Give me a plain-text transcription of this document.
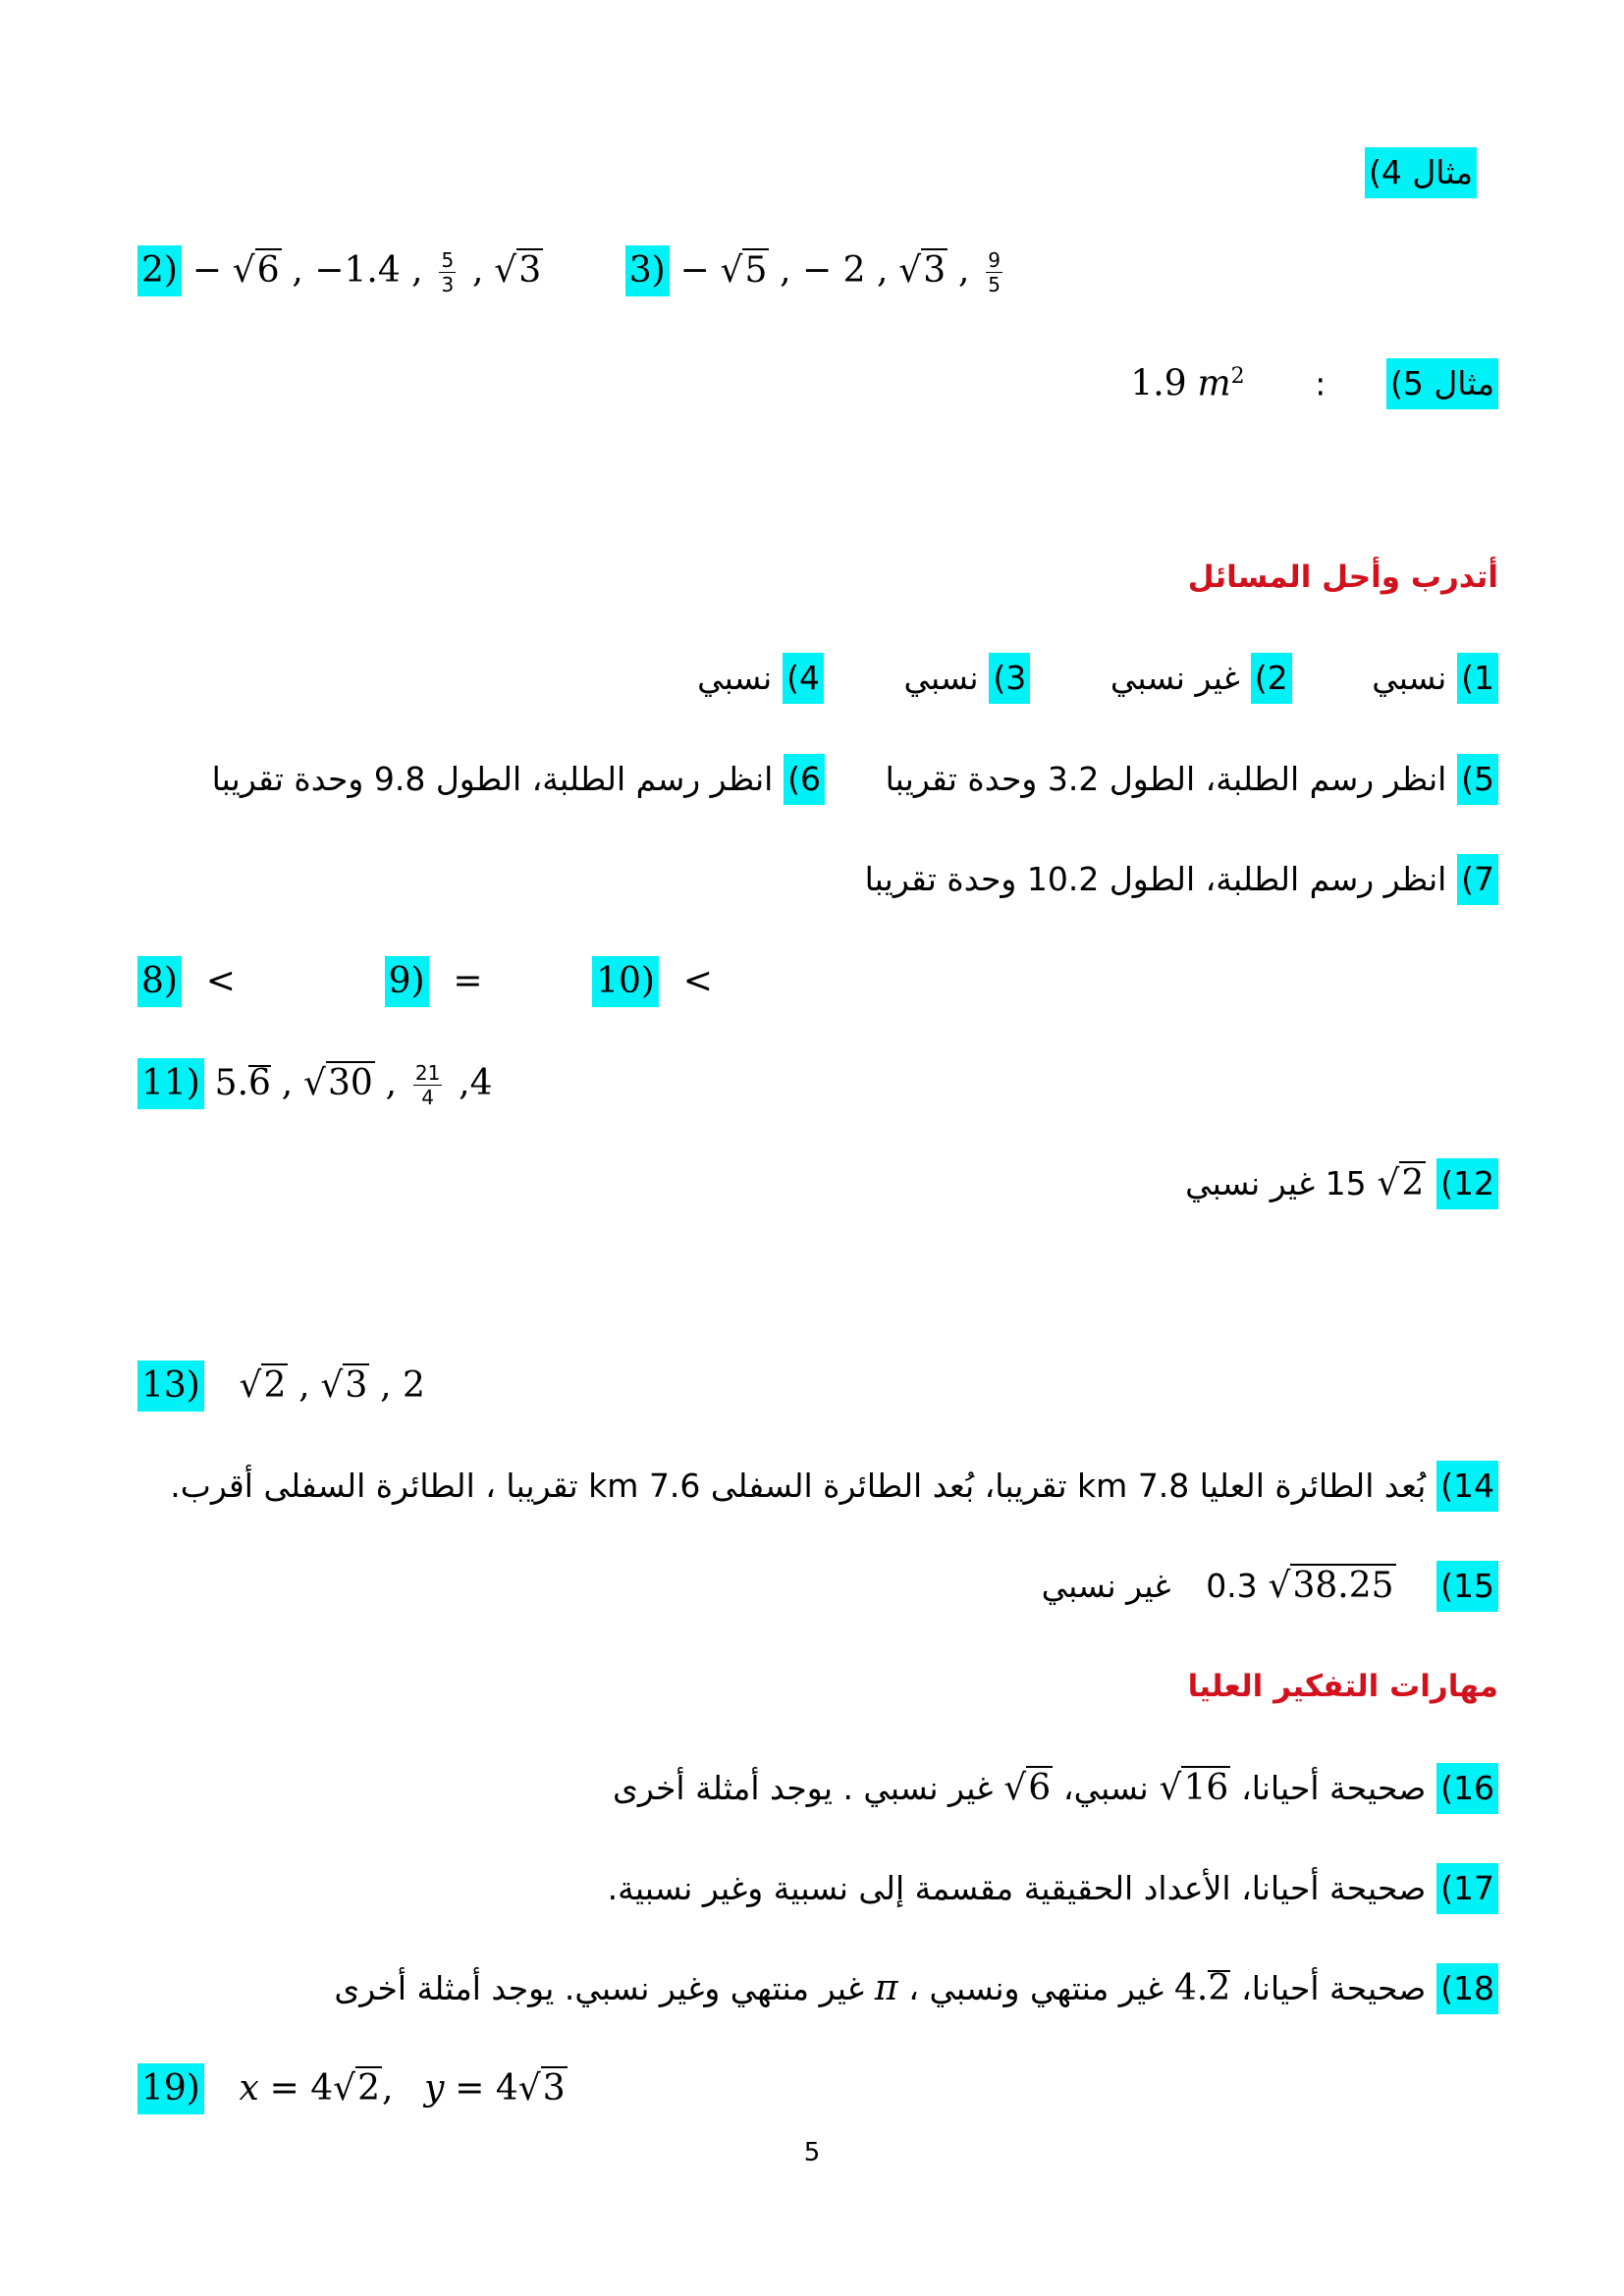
مثال 4)
2) − √6 , −1.4 , $\frac{5}{3}$ , √3 3) − √5 , − 2 , √3 , $\frac{9}{5}$
مثال 5)  :  1.9 $m^2$
أتدرب وأحل المسائل
1) نسبي  2) غير نسبي  3) نسبي  4) نسبي
5) انظر رسم الطلبة، الطول 3.2 وحدة تقريبا  6) انظر رسم الطلبة، الطول 9.8 وحدة تقريبا
7) انظر رسم الطلبة، الطول 10.2 وحدة تقريبا
8) <	9) =	10) <
11) 5.6 , √30 , $\frac{21}{4} ,4$
12) √2 15 غير نسبي
13) √2 , √3 , 2
14) بُعد الطائرة العليا 7.8 km تقريبا، بُعد الطائرة السفلى 7.6 km تقريبا ، الطائرة السفلى أقرب.
15)  0.3 √38.25  غير نسبي
مهارات التفكير العليا
16) صحيحة أحيانا، √16 نسبي، √6 غير نسبي . يوجد أمثلة أخرى
17) صحيحة أحيانا، الأعداد الحقيقية مقسمة إلى نسبية وغير نسبية.
18) صحيحة أحيانا، 4.2 غير منتهي ونسبي ، π غير منتهي وغير نسبي. يوجد أمثلة أخرى
19) x = 4√2, y = 4√3
5
